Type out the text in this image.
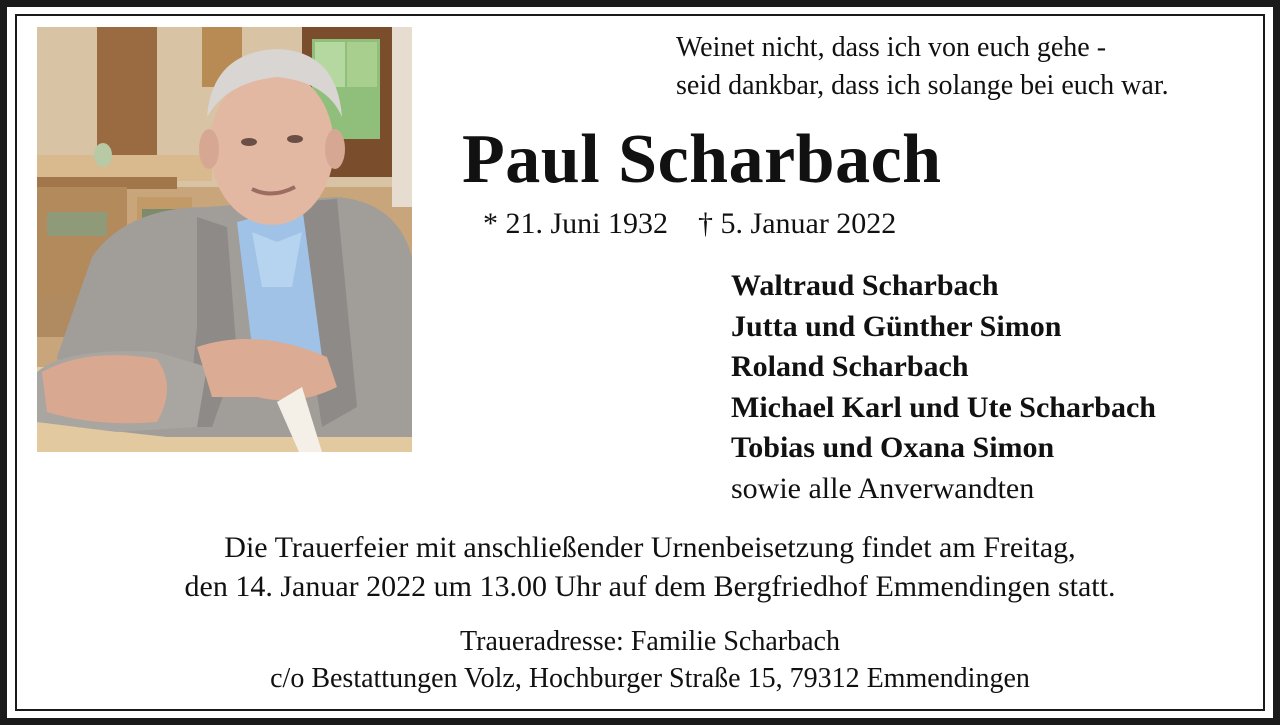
Weinet nicht, dass ich von euch gehe -
seid dankbar, dass ich solange bei euch war.
Paul Scharbach
* 21. Juni 1932 † 5. Januar 2022
Waltraud Scharbach
Jutta und Günther Simon
Roland Scharbach
Michael Karl und Ute Scharbach
Tobias und Oxana Simon
sowie alle Anverwandten
Die Trauerfeier mit anschließender Urnenbeisetzung findet am Freitag,
den 14. Januar 2022 um 13.00 Uhr auf dem Bergfriedhof Emmendingen statt.
Traueradresse: Familie Scharbach
c/o Bestattungen Volz, Hochburger Straße 15, 79312 Emmendingen
